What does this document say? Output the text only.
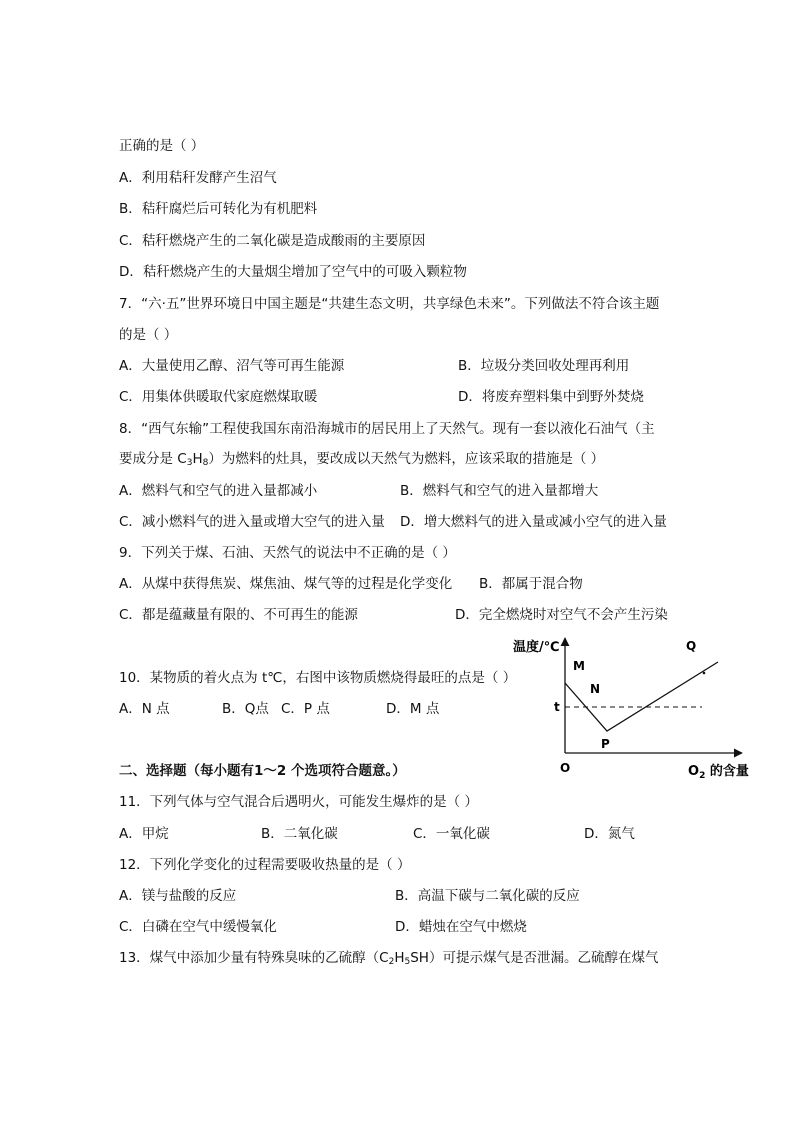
正确的是（ ）
A．利用秸秆发酵产生沼气
B．秸秆腐烂后可转化为有机肥料
C．秸秆燃烧产生的二氧化碳是造成酸雨的主要原因
D．秸秆燃烧产生的大量烟尘增加了空气中的可吸入颗粒物
7．“六·五”世界环境日中国主题是“共建生态文明，共享绿色未来”。下列做法不符合该主题
的是（ ）
A．大量使用乙醇、沼气等可再生能源	B．垃圾分类回收处理再利用
C．用集体供暖取代家庭燃煤取暖	D．将废弃塑料集中到野外焚烧
8．“西气东输”工程使我国东南沿海城市的居民用上了天然气。现有一套以液化石油气（主
要成分是 $C_3H_8$）为燃料的灶具，要改成以天然气为燃料，应该采取的措施是（ ）
A．燃料气和空气的进入量都减小	B．燃料气和空气的进入量都增大
C．减小燃料气的进入量或增大空气的进入量 D．增大燃料气的进入量或减小空气的进入量
9．下列关于煤、石油、天然气的说法中不正确的是（ ）
A．从煤中获得焦炭、煤焦油、煤气等的过程是化学变化 B．都属于混合物
C．都是蕴藏量有限的、不可再生的能源	D．完全燃烧时对空气不会产生污染
10．某物质的着火点为 t℃，右图中该物质燃烧得最旺的点是（ ）
A．N 点	B．Q点 C．P 点	D．M 点
温度/℃
O	$O_2$ 的含量
t
M
N
P
Q
二、选择题（每小题有1～2 个选项符合题意。）
11．下列气体与空气混合后遇明火，可能发生爆炸的是（ ）
A．甲烷	B．二氧化碳	C．一氧化碳	D．氮气
12．下列化学变化的过程需要吸收热量的是（ ）
A．镁与盐酸的反应	B．高温下碳与二氧化碳的反应
C．白磷在空气中缓慢氧化	D．蜡烛在空气中燃烧
13．煤气中添加少量有特殊臭味的乙硫醇$(C_2H_5SH)$可提示煤气是否泄漏。乙硫醇在煤气
